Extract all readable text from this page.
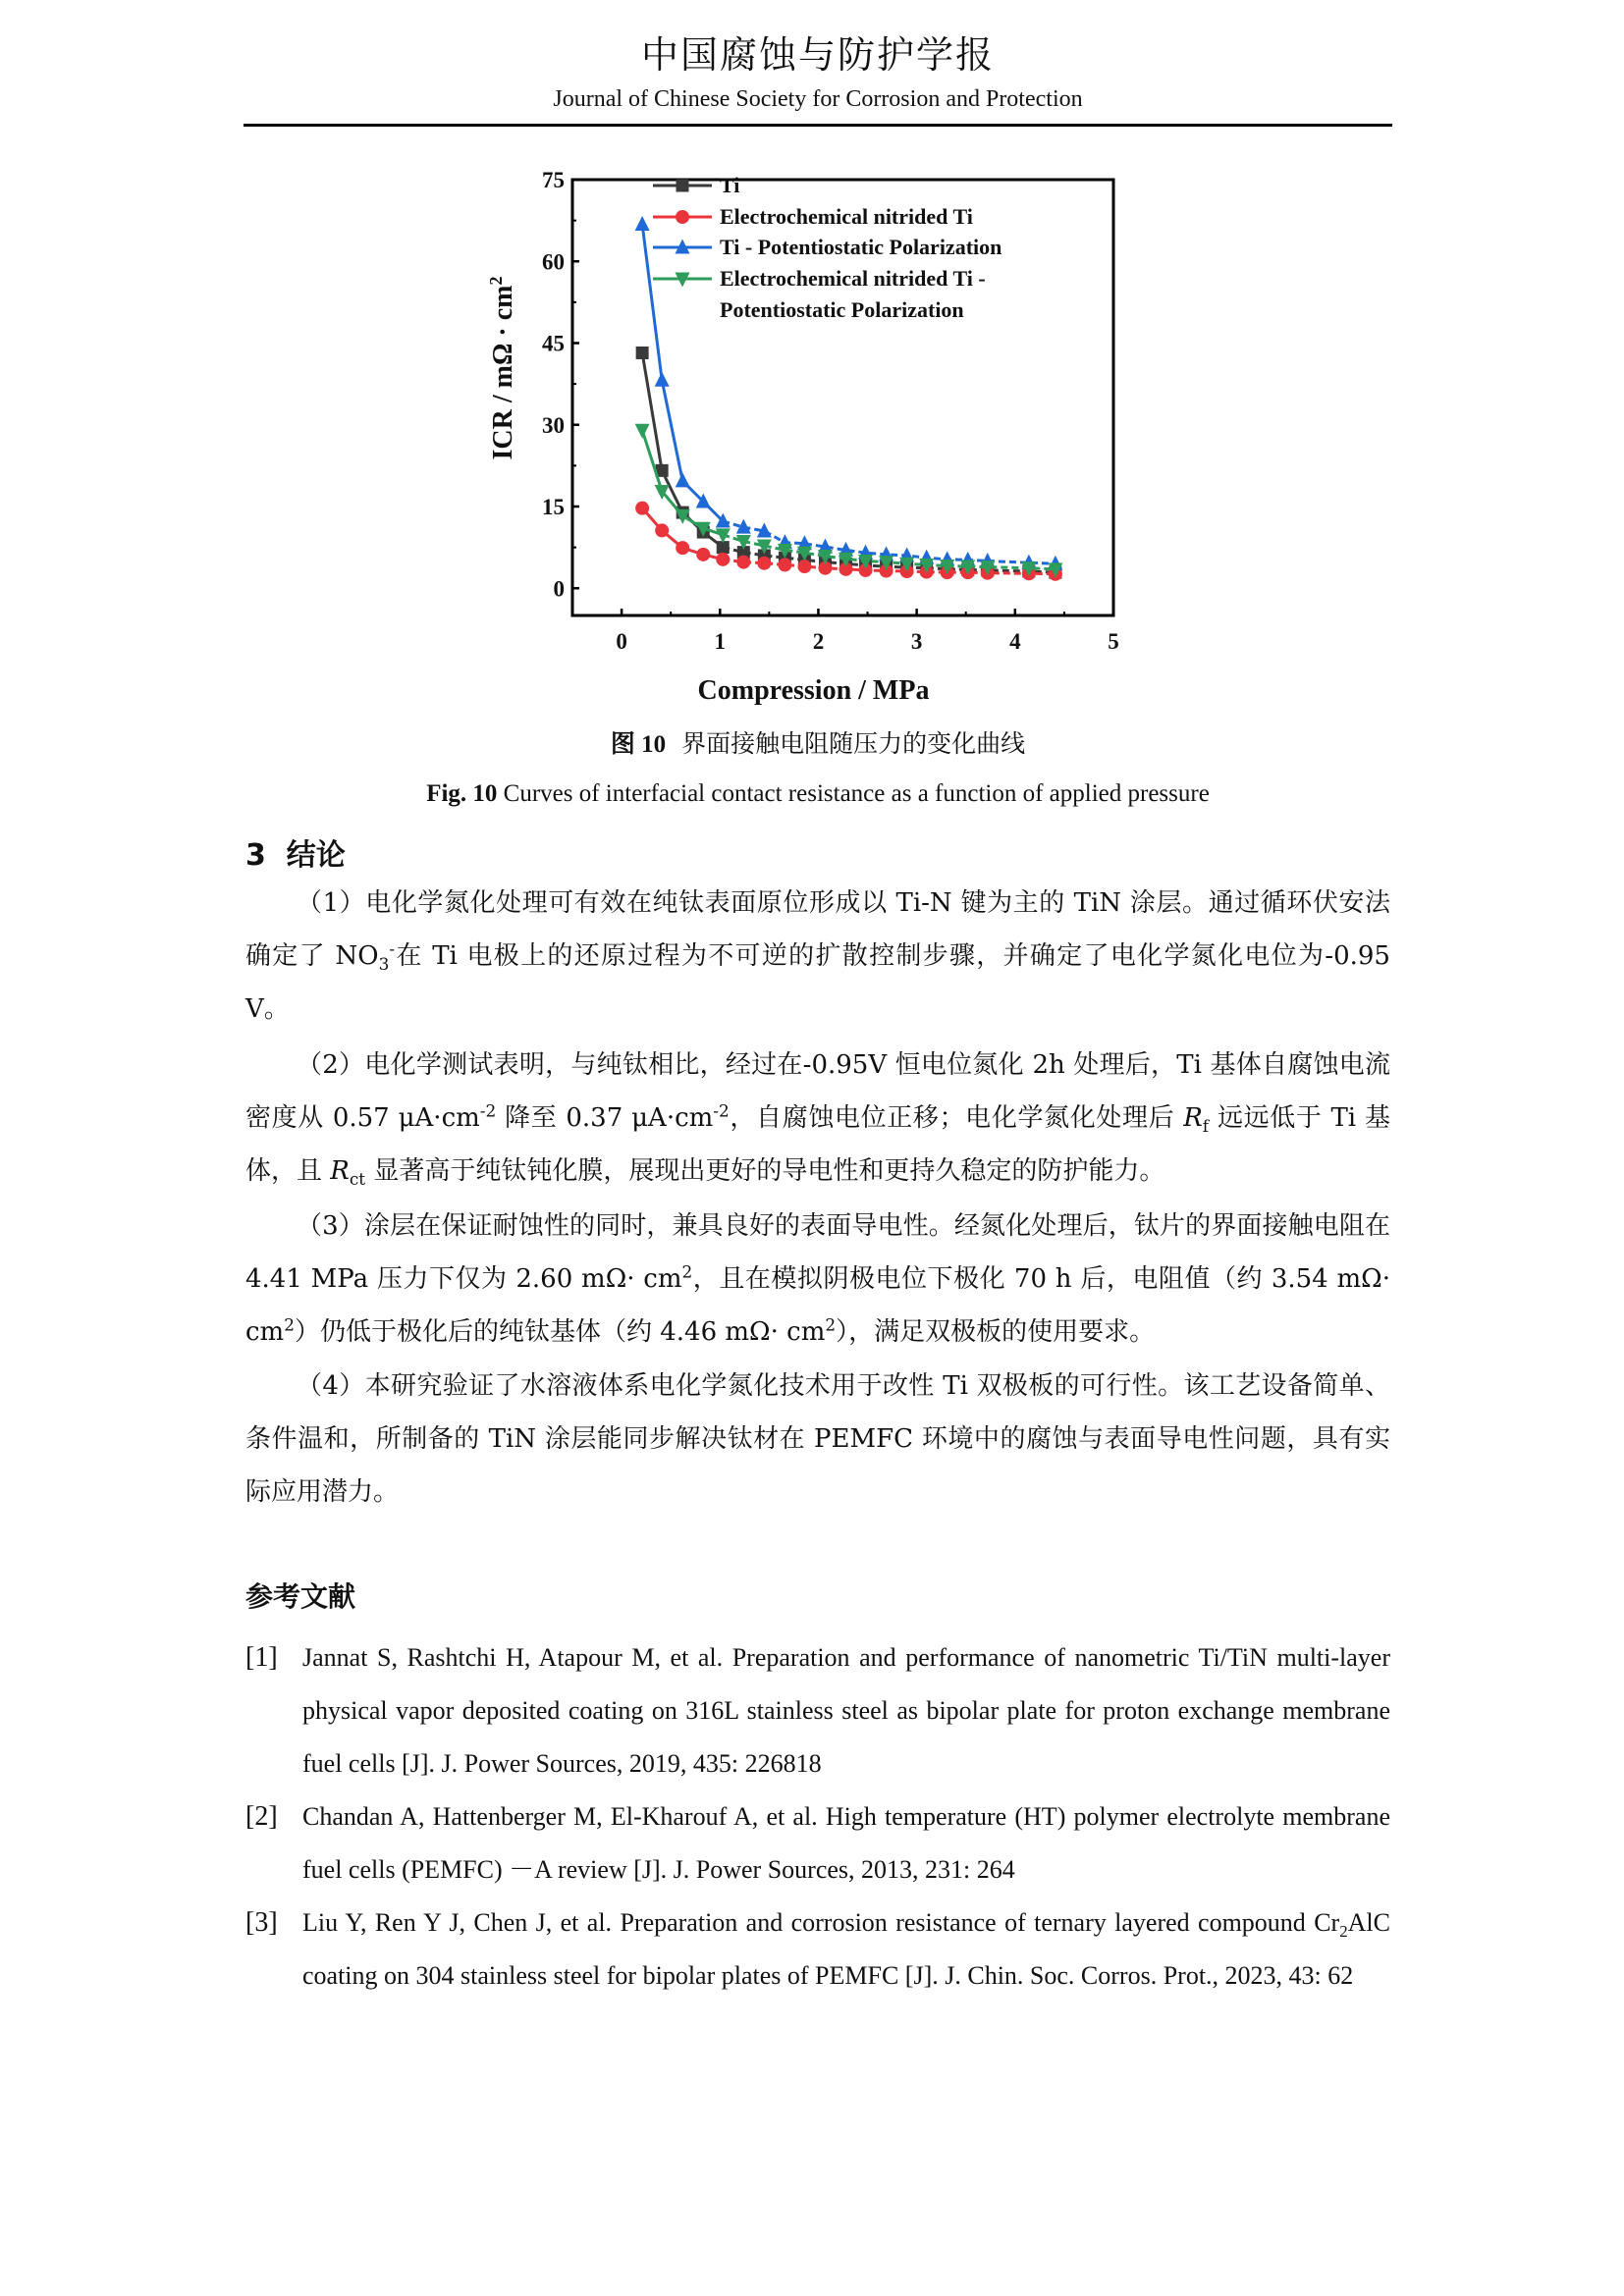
中国腐蚀与防护学报
Journal of Chinese Society for Corrosion and Protection
0
15
30
45
60
75
0	1	2	3	4	5
Compression / MPa
ICR / $m\Omega \cdot cm^2$
Ti
Electrochemical nitrided Ti
Ti - Potentiostatic Polarization
Electrochemical nitrided Ti -
Potentiostatic Polarization
图 10 界面接触电阻随压力的变化曲线
Fig. 10 Curves of interfacial contact resistance as a function of applied pressure
3 结论

（1）电化学氮化处理可有效在纯钛表面原位形成以 Ti-N 键为主的 TiN 涂层。通过循环伏安法确定了 $NO_3^-$在 Ti 电极上的还原过程为不可逆的扩散控制步骤，并确定了电化学氮化电位为-0.95 V。

（2）电化学测试表明，与纯钛相比，经过在-0.95V 恒电位氮化 2h 处理后，Ti 基体自腐蚀电流密度从 0.57 $\mu A\cdot cm^{-2}$ 降至 0.37 $\mu A\cdot cm^{-2}$，自腐蚀电位正移；电化学氮化处理后 $R_f$ 远远低于 Ti 基体，且 $R_{ct}$ 显著高于纯钛钝化膜，展现出更好的导电性和更持久稳定的防护能力。

（3）涂层在保证耐蚀性的同时，兼具良好的表面导电性。经氮化处理后，钛片的界面接触电阻在 4.41 MPa 压力下仅为 2.60 $m\Omega\cdot cm^2$，且在模拟阴极电位下极化 70 h 后，电阻值（约 3.54 $m\Omega\cdot cm^2$）仍低于极化后的纯钛基体（约 4.46 $m\Omega\cdot cm^2$），满足双极板的使用要求。

（4）本研究验证了水溶液体系电化学氮化技术用于改性 Ti 双极板的可行性。该工艺设备简单、条件温和，所制备的 TiN 涂层能同步解决钛材在 PEMFC 环境中的腐蚀与表面导电性问题，具有实际应用潜力。

参考文献
[1] Jannat S, Rashtchi H, Atapour M, et al. Preparation and performance of nanometric Ti/TiN multi-layer physical vapor deposited coating on 316L stainless steel as bipolar plate for proton exchange membrane fuel cells [J]. J. Power Sources, 2019, 435: 226818
[2] Chandan A, Hattenberger M, El-Kharouf A, et al. High temperature (HT) polymer electrolyte membrane fuel cells (PEMFC) －A review [J]. J. Power Sources, 2013, 231: 264
[3] Liu Y, Ren Y J, Chen J, et al. Preparation and corrosion resistance of ternary layered compound $Cr_2AlC$ coating on 304 stainless steel for bipolar plates of PEMFC [J]. J. Chin. Soc. Corros. Prot., 2023, 43: 62
